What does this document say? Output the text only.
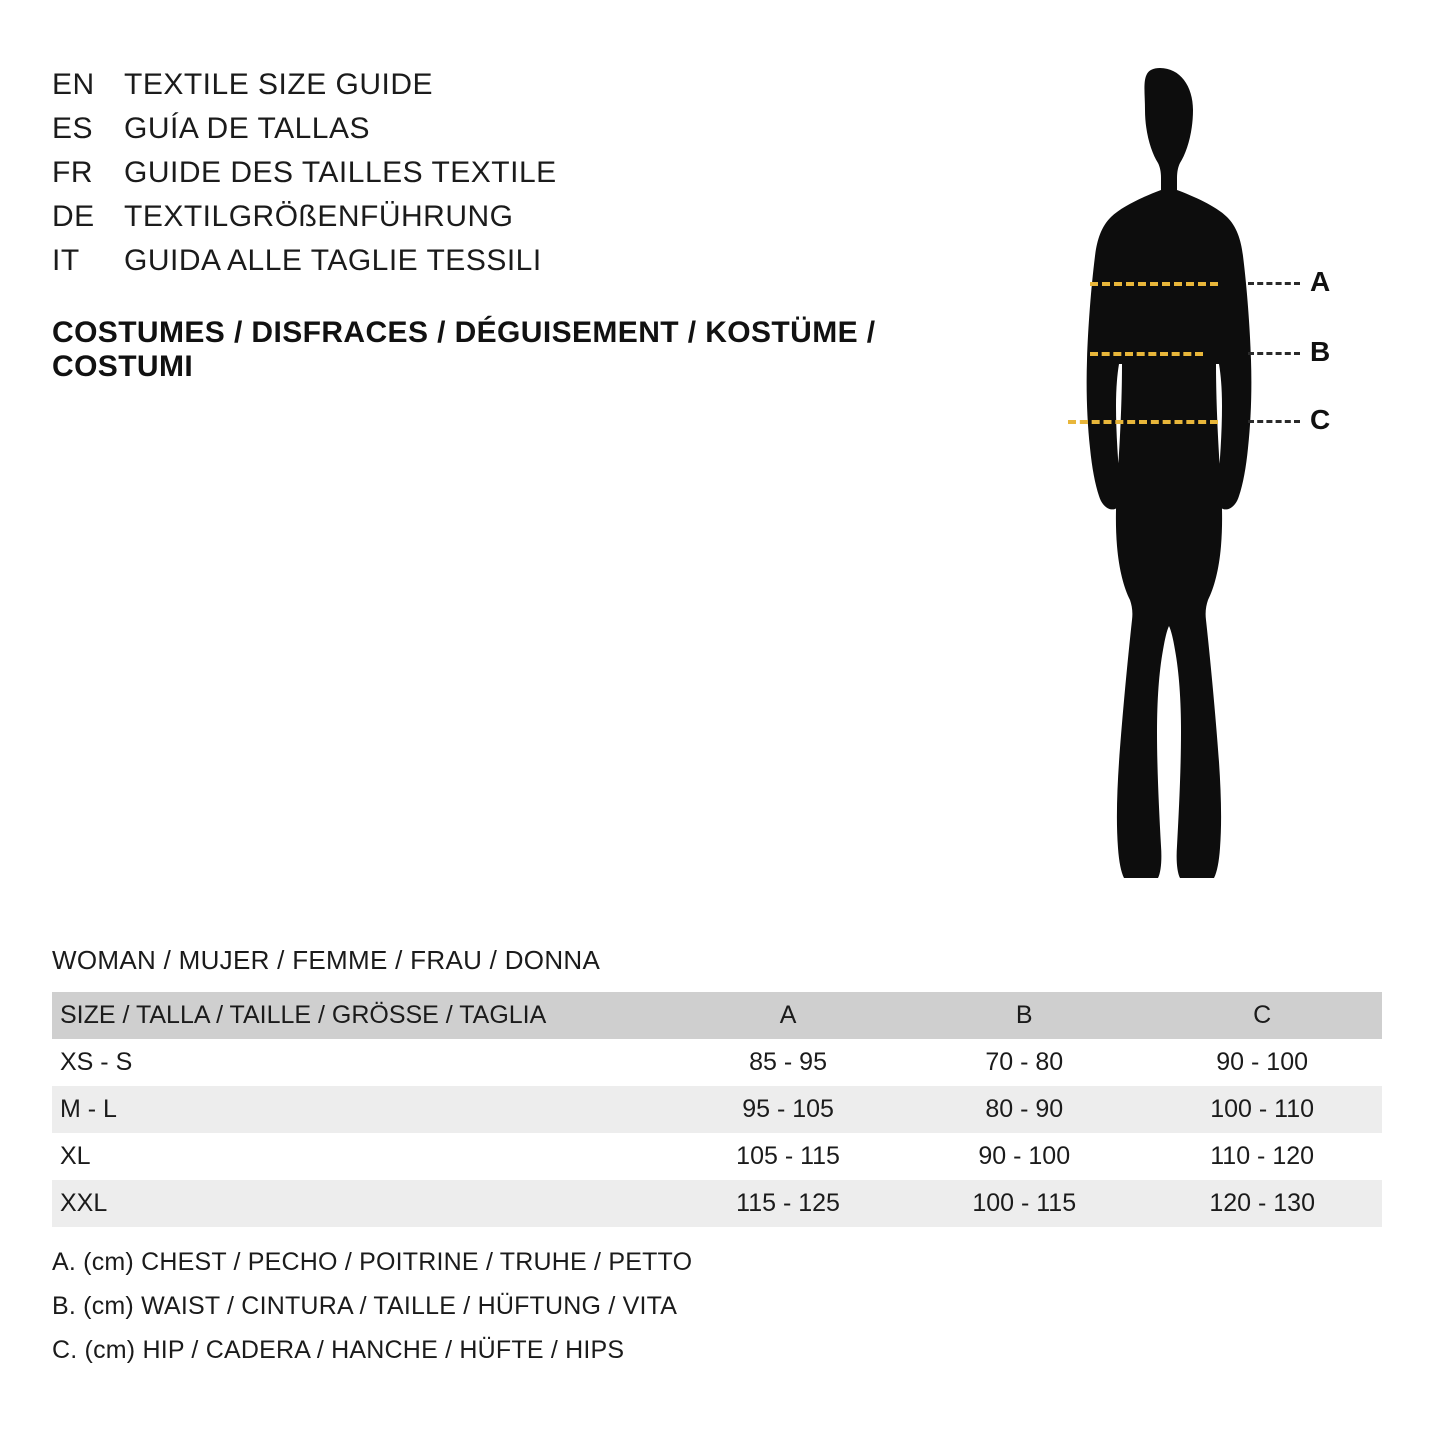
EN TEXTILE SIZE GUIDE
ES	GUÍA DE TALLAS
FR	GUIDE DES TAILLES TEXTILE
DE TEXTILGRÖßENFÜHRUNG
IT	GUIDA ALLE TAGLIE TESSILI
COSTUMES / DISFRACES / DÉGUISEMENT / KOSTÜME / COSTUMI
A
B
C
WOMAN / MUJER / FEMME / FRAU / DONNA
SIZE / TALLA / TAILLE / GRÖSSE / TAGLIA	A	B	C
XS - S	85 - 95	70 - 80	90 - 100
M - L	95 - 105	80 - 90	100 - 110
XL	105 - 115	90 - 100	110 - 120
XXL	115 - 125	100 - 115	120 - 130
A. (cm) CHEST / PECHO / POITRINE / TRUHE / PETTO
B. (cm) WAIST / CINTURA / TAILLE / HÜFTUNG / VITA
C. (cm) HIP / CADERA / HANCHE / HÜFTE / HIPS
